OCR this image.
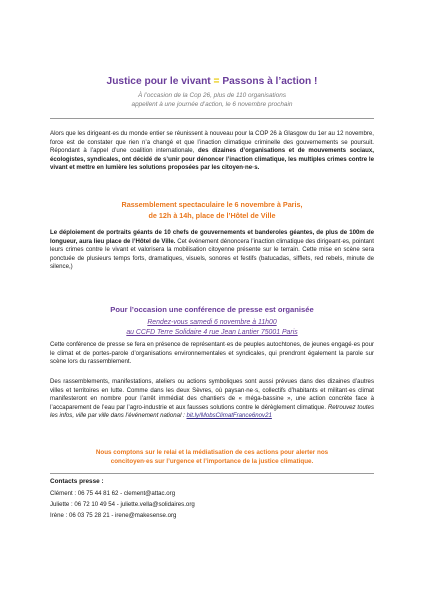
Justice pour le vivant = Passons à l’action !
À l’occasion de la Cop 26, plus de 110 organisations
appellent à une journée d’action, le 6 novembre prochain
Alors que les dirigeant·es du monde entier se réunissent à nouveau pour la COP 26 à Glasgow du 1er au 12 novembre, force est de constater que rien n’a changé et que l’inaction climatique criminelle des gouvernements se poursuit. Répondant à l’appel d’une coalition internationale, des dizaines d’organisations et de mouvements sociaux, écologistes, syndicales, ont décidé de s’unir pour dénoncer l’inaction climatique, les multiples crimes contre le vivant et mettre en lumière les solutions proposées par les citoyen·ne·s.
Rassemblement spectaculaire le 6 novembre à Paris,
de 12h à 14h, place de l’Hôtel de Ville
Le déploiement de portraits géants de 10 chefs de gouvernements et banderoles géantes, de plus de 100m de longueur, aura lieu place de l’Hôtel de Ville. Cet événement dénoncera l’inaction climatique des dirigeant·es, pointant leurs crimes contre le vivant et valorisera la mobilisation citoyenne présente sur le terrain. Cette mise en scène sera ponctuée de plusieurs temps forts, dramatiques, visuels, sonores et festifs (batucadas, sifflets, red rebels, minute de silence,)
Pour l’occasion une conférence de presse est organisée
Rendez-vous samedi 6 novembre à 11h00
au CCFD Terre Solidaire 4 rue Jean Lantier 75001 Paris
Cette conférence de presse se fera en présence de représentant·es de peuples autochtones, de jeunes engagé·es pour le climat et de portes-parole d’organisations environnementales et syndicales, qui prendront également la parole sur scène lors du rassemblement.
Des rassemblements, manifestations, ateliers ou actions symboliques sont aussi prévues dans des dizaines d’autres villes et territoires en lutte. Comme dans les deux Sèvres, où paysan·ne·s, collectifs d’habitants et militant·es climat manifesteront en nombre pour l’arrêt immédiat des chantiers de « méga-bassine », une action concrète face à l’accaparement de l’eau par l’agro-industrie et aux fausses solutions contre le dérèglement climatique. Retrouvez toutes les infos, ville par ville dans l’événement national : bit.ly/MobsClimatFrance6nov21
Nous comptons sur le relai et la médiatisation de ces actions pour alerter nos
concitoyen·es sur l’urgence et l’importance de la justice climatique.
Contacts presse :
Clément : 06 75 44 81 62 - clement@attac.org
Juliette : 06 72 10 49 54 - juliette.vella@solidaires.org
Irène : 06 03 75 28 21 - irene@makesense.org
